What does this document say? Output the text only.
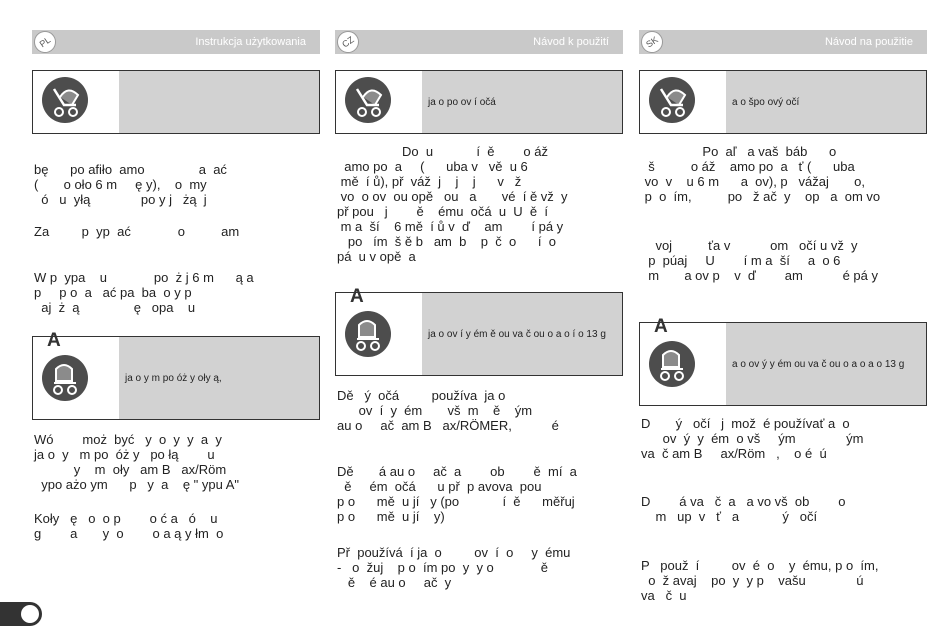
PL	Instrukcja użytkowania
bę      po afiło  amo               a  ać
(       o oło 6 m     ę y),    o  my
ó   u  yłą              po y j   żą  j
Za         p  yp  ać             o          am
W p  ypa    u             po  ż j 6 m      ą a
p     p o  a   ać pa  ba  o y p
aj  ż  ą               ę   opa    u
A
ja o y m po óż y oły ą,
Wó        moż  być   y  o  y  y  a  y
ja o  y   m po  óż y   po łą        u
y    m  oły   am B   ax/Röm
ypo ażo ym      p   y  a    ę " ypu A"
Koły   ę   o  o p        o ć a   ó    u
g        a       y  o        o a ą y łm  o
CZ	Návod k použití
ja o po ov í očá
Do  u            í  ě        o áž
amo po  a     (      uba v   vě  u 6
mě  í ů), př  váž  j    j    j      v   ž
vo  o ov  ou opě   ou   a       vé  í ě vž  y
př pou   j        ě    ému  očá  u  U  ě  í
m a  ší    6 mě  í ů v  ď    am        í pá y
po   ím  š ě b   am  b    p  č  o      í  o
pá  u v opě  a
A
ja o ov í y ém ě ou va č ou o a o í o 13 g
Dě   ý  očá         používa  ja o
ov  í  y  ém       vš  m    ě    ým
au o     ač  am B   ax/RÖMER,           é
Dě       á au o     ač  a        ob        ě  mí  a
ě     ém  očá      u př  p avova  pou
p o      mě  u jí   y (po            í  ě      měřuj
p o      mě  u jí    y)
Př  používá  í ja  o         ov  í  o     y  ému
-   o  žuj    p o  ím po  y  y o             ě
ě    é au o     ač  y
SK	Návod na použitie
a o špo ový očí
Po  aľ   a vaš  báb      o
š          o áž    amo po  a   ť (      uba
vo  v    u 6 m      a  ov), p   vážaj       o,
p  o  ím,          po   ž ač  y    op   a  om vo
voj          ťa v           om   očí u vž  y
p  púaj     U        í m a  ší     a  o 6
m       a ov p    v  ď        am           é pá y
A
a o ov ý y ém ou va č ou o a o a o 13 g
D       ý   očí   j  mož  é používať a  o
ov  ý  y  ém  o vš     ým              ým
va  č am B     ax/Röm   ,    o é  ú
D        á va   č  a   a vo vš  ob        o
m   up  v   ť   a            ý   očí
P   použ  í         ov  é  o    y  ému, p o  ím,
o  ž avaj    po  y  y p    vašu              ú
va   č  u
